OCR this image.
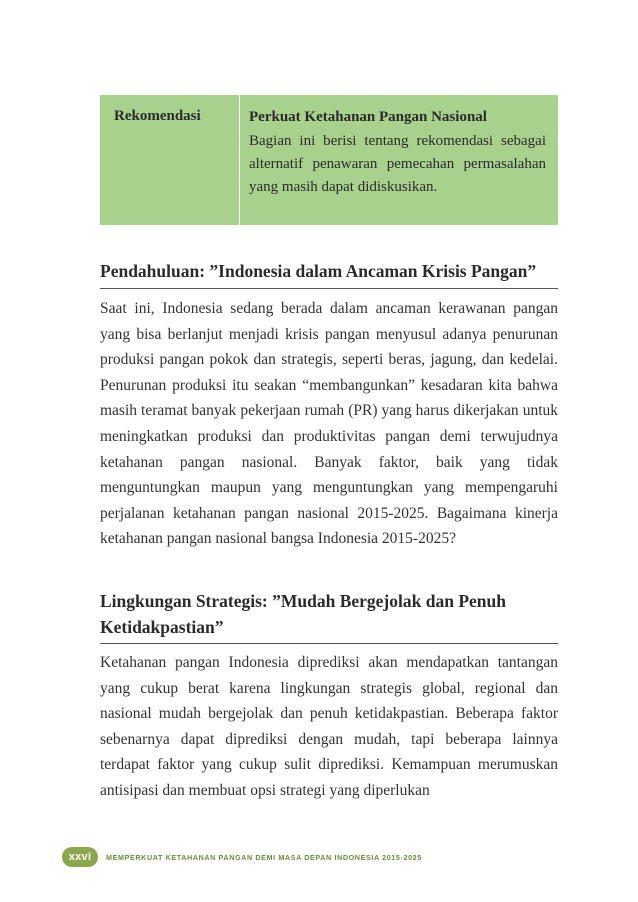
Rekomendasi	Perkuat Ketahanan Pangan Nasional
Bagian ini berisi tentang rekomendasi sebagai alternatif penawaran pemecahan permasalahan yang masih dapat didiskusikan.
Pendahuluan: ”Indonesia dalam Ancaman Krisis Pangan”

Saat ini, Indonesia sedang berada dalam ancaman kerawanan pangan yang bisa berlanjut menjadi krisis pangan menyusul adanya penurunan produksi pangan pokok dan strategis, seperti beras, jagung, dan kedelai. Penurunan produksi itu seakan “membangunkan” kesadaran kita bahwa masih teramat banyak pekerjaan rumah (PR) yang harus dikerjakan untuk meningkatkan produksi dan produktivitas pangan demi terwujudnya ketahanan pangan nasional. Banyak faktor, baik yang tidak menguntungkan maupun yang menguntungkan yang mempengaruhi perjalanan ketahanan pangan nasional 2015-2025. Bagaimana kinerja ketahanan pangan nasional bangsa Indonesia 2015-2025?

Lingkungan Strategis: ”Mudah Bergejolak dan Penuh Ketidakpastian”

Ketahanan pangan Indonesia diprediksi akan mendapatkan tantangan yang cukup berat karena lingkungan strategis global, regional dan nasional mudah bergejolak dan penuh ketidakpastian. Beberapa faktor sebenarnya dapat diprediksi dengan mudah, tapi beberapa lainnya terdapat faktor yang cukup sulit diprediksi. Kemampuan merumuskan antisipasi dan membuat opsi strategi yang diperlukan

xxvi	MEMPERKUAT KETAHANAN PANGAN DEMI MASA DEPAN INDONESIA 2015-2025
